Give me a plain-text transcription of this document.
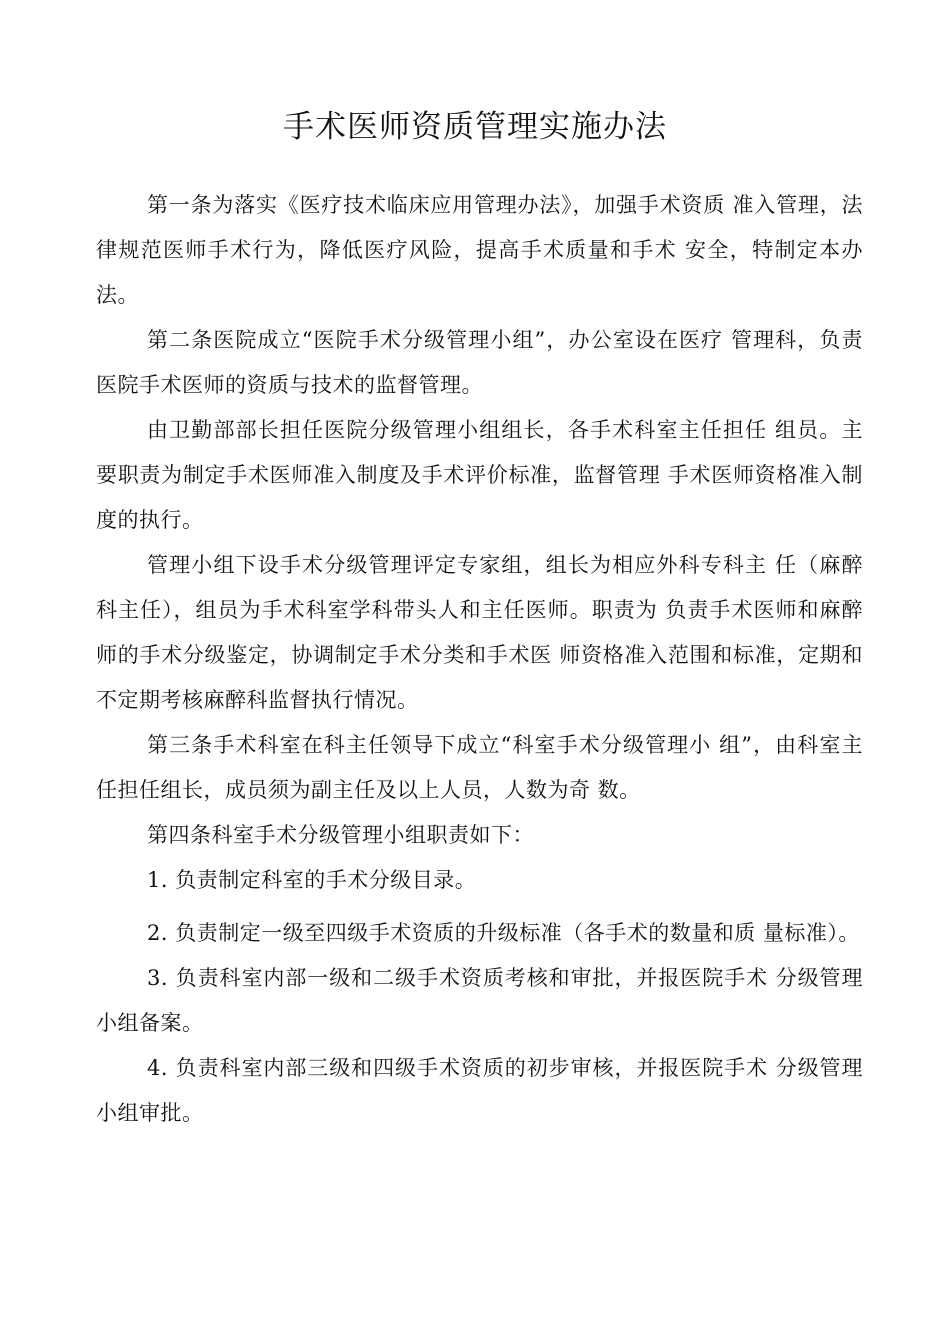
手术医师资质管理实施办法

第一条为落实《医疗技术临床应用管理办法》，加强手术资质 准入管理，法律规范医师手术行为，降低医疗风险，提高手术质量和手术 安全，特制定本办法。

第二条医院成立“医院手术分级管理小组”，办公室设在医疗 管理科，负责医院手术医师的资质与技术的监督管理。

由卫勤部部长担任医院分级管理小组组长，各手术科室主任担任 组员。主要职责为制定手术医师准入制度及手术评价标准，监督管理 手术医师资格准入制度的执行。

管理小组下设手术分级管理评定专家组，组长为相应外科专科主 任（麻醉科主任），组员为手术科室学科带头人和主任医师。职责为 负责手术医师和麻醉师的手术分级鉴定，协调制定手术分类和手术医 师资格准入范围和标准，定期和不定期考核麻醉科监督执行情况。

第三条手术科室在科主任领导下成立“科室手术分级管理小 组”，由科室主任担任组长，成员须为副主任及以上人员，人数为奇 数。

第四条科室手术分级管理小组职责如下：

1. 负责制定科室的手术分级目录。

2. 负责制定一级至四级手术资质的升级标准（各手术的数量和质 量标准）。

3. 负责科室内部一级和二级手术资质考核和审批，并报医院手术 分级管理小组备案。

4. 负责科室内部三级和四级手术资质的初步审核，并报医院手术 分级管理小组审批。
